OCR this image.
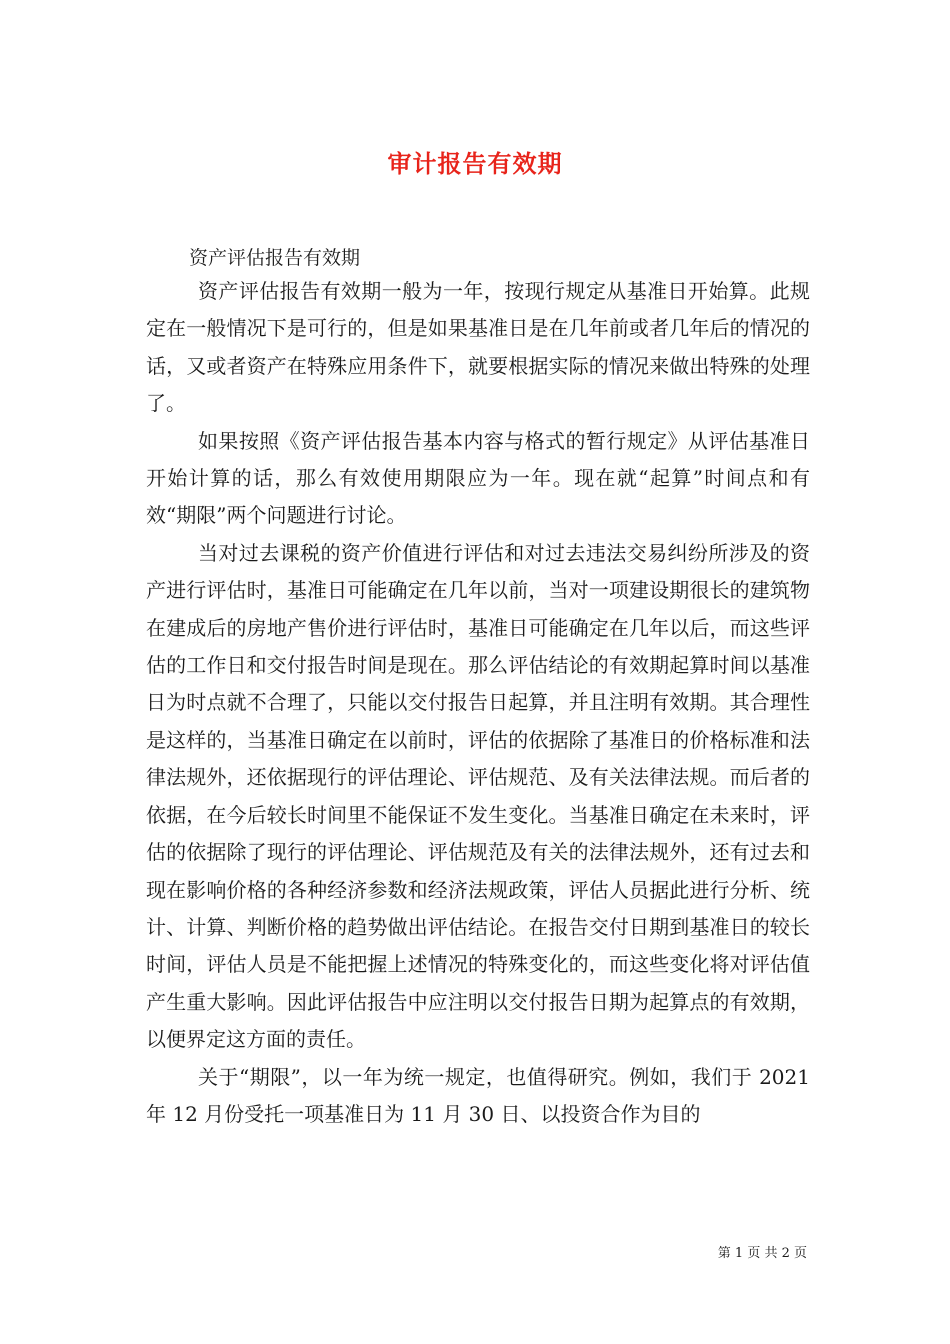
审计报告有效期
资产评估报告有效期

资产评估报告有效期一般为一年，按现行规定从基准日开始算。此规定在一般情况下是可行的，但是如果基准日是在几年前或者几年后的情况的话，又或者资产在特殊应用条件下，就要根据实际的情况来做出特殊的处理了。

如果按照《资产评估报告基本内容与格式的暂行规定》从评估基准日开始计算的话，那么有效使用期限应为一年。现在就“起算”时间点和有效“期限”两个问题进行讨论。

当对过去课税的资产价值进行评估和对过去违法交易纠纷所涉及的资产进行评估时，基准日可能确定在几年以前，当对一项建设期很长的建筑物在建成后的房地产售价进行评估时，基准日可能确定在几年以后，而这些评估的工作日和交付报告时间是现在。那么评估结论的有效期起算时间以基准日为时点就不合理了，只能以交付报告日起算，并且注明有效期。其合理性是这样的，当基准日确定在以前时，评估的依据除了基准日的价格标准和法律法规外，还依据现行的评估理论、评估规范、及有关法律法规。而后者的依据，在今后较长时间里不能保证不发生变化。当基准日确定在未来时，评估的依据除了现行的评估理论、评估规范及有关的法律法规外，还有过去和现在影响价格的各种经济参数和经济法规政策，评估人员据此进行分析、统计、计算、判断价格的趋势做出评估结论。在报告交付日期到基准日的较长时间，评估人员是不能把握上述情况的特殊变化的，而这些变化将对评估值产生重大影响。因此评估报告中应注明以交付报告日期为起算点的有效期，以便界定这方面的责任。

关于“期限”，以一年为统一规定，也值得研究。例如，我们于 2021 年 12 月份受托一项基准日为 11 月 30 日、以投资合作为目的

第 1 页 共 2 页
